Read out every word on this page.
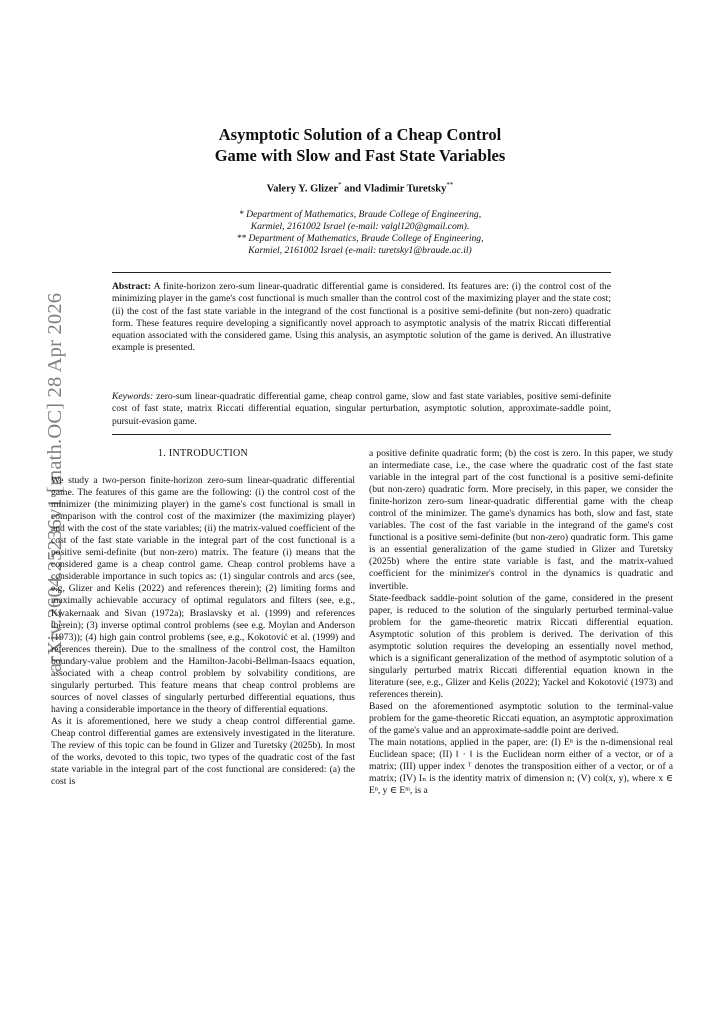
arXiv:2604.25236v1 [math.OC] 28 Apr 2026
Asymptotic Solution of a Cheap Control
Game with Slow and Fast State Variables
Valery Y. Glizer* and Vladimir Turetsky**
* Department of Mathematics, Braude College of Engineering,
Karmiel, 2161002 Israel (e-mail: valgl120@gmail.com).
** Department of Mathematics, Braude College of Engineering,
Karmiel, 2161002 Israel (e-mail: turetsky1@braude.ac.il)
Abstract: A finite-horizon zero-sum linear-quadratic differential game is considered. Its features are: (i) the control cost of the minimizing player in the game's cost functional is much smaller than the control cost of the maximizing player and the state cost; (ii) the cost of the fast state variable in the integrand of the cost functional is a positive semi-definite (but non-zero) quadratic form. These features require developing a significantly novel approach to asymptotic analysis of the matrix Riccati differential equation associated with the considered game. Using this analysis, an asymptotic solution of the game is derived. An illustrative example is presented.
Keywords: zero-sum linear-quadratic differential game, cheap control game, slow and fast state variables, positive semi-definite cost of fast state, matrix Riccati differential equation, singular perturbation, asymptotic solution, approximate-saddle point, pursuit-evasion game.
1. INTRODUCTION

We study a two-person finite-horizon zero-sum linear-quadratic differential game. The features of this game are the following: (i) the control cost of the minimizer (the minimizing player) in the game's cost functional is small in comparison with the control cost of the maximizer (the maximizing player) and with the cost of the state variables; (ii) the matrix-valued coefficient of the cost of the fast state variable in the integral part of the cost functional is a positive semi-definite (but non-zero) matrix. The feature (i) means that the considered game is a cheap control game. Cheap control problems have a considerable importance in such topics as: (1) singular controls and arcs (see, e.g, Glizer and Kelis (2022) and references therein); (2) limiting forms and maximally achievable accuracy of optimal regulators and filters (see, e.g., Kwakernaak and Sivan (1972a); Braslavsky et al. (1999) and references therein); (3) inverse optimal control problems (see e.g. Moylan and Anderson (1973)); (4) high gain control problems (see, e.g., Kokotović et al. (1999) and references therein). Due to the smallness of the control cost, the Hamilton boundary-value problem and the Hamilton-Jacobi-Bellman-Isaacs equation, associated with a cheap control problem by solvability conditions, are singularly perturbed. This feature means that cheap control problems are sources of novel classes of singularly perturbed differential equations, thus having a considerable importance in the theory of differential equations.

As it is aforementioned, here we study a cheap control differential game. Cheap control differential games are extensively investigated in the literature. The review of this topic can be found in Glizer and Turetsky (2025b). In most of the works, devoted to this topic, two types of the quadratic cost of the fast state variable in the integral part of the cost functional are considered: (a) the cost is

a positive definite quadratic form; (b) the cost is zero. In this paper, we study an intermediate case, i.e., the case where the quadratic cost of the fast state variable in the integral part of the cost functional is a positive semi-definite (but non-zero) quadratic form. More precisely, in this paper, we consider the finite-horizon zero-sum linear-quadratic differential game with the cheap control of the minimizer. The game's dynamics has both, slow and fast, state variables. The cost of the fast variable in the integrand of the game's cost functional is a positive semi-definite (but non-zero) quadratic form. This game is an essential generalization of the game studied in Glizer and Turetsky (2025b) where the entire state variable is fast, and the matrix-valued coefficient for the minimizer's control in the dynamics is quadratic and invertible.

State-feedback saddle-point solution of the game, considered in the present paper, is reduced to the solution of the singularly perturbed terminal-value problem for the game-theoretic matrix Riccati differential equation. Asymptotic solution of this problem is derived. The derivation of this asymptotic solution requires the developing an essentially novel method, which is a significant generalization of the method of asymptotic solution of a singularly perturbed matrix Riccati differential equation known in the literature (see, e.g., Glizer and Kelis (2022); Yackel and Kokotović (1973) and references therein).

Based on the aforementioned asymptotic solution to the terminal-value problem for the game-theoretic Riccati equation, an asymptotic approximation of the game's value and an approximate-saddle point are derived.

The main notations, applied in the paper, are: (I) Eⁿ is the n-dimensional real Euclidean space; (II) ‖ · ‖ is the Euclidean norm either of a vector, or of a matrix; (III) upper index ᵀ denotes the transposition either of a vector, or of a matrix; (IV) Iₙ is the identity matrix of dimension n; (V) col(x, y), where x ∈ Eⁿ, y ∈ Eᵐ, is a
